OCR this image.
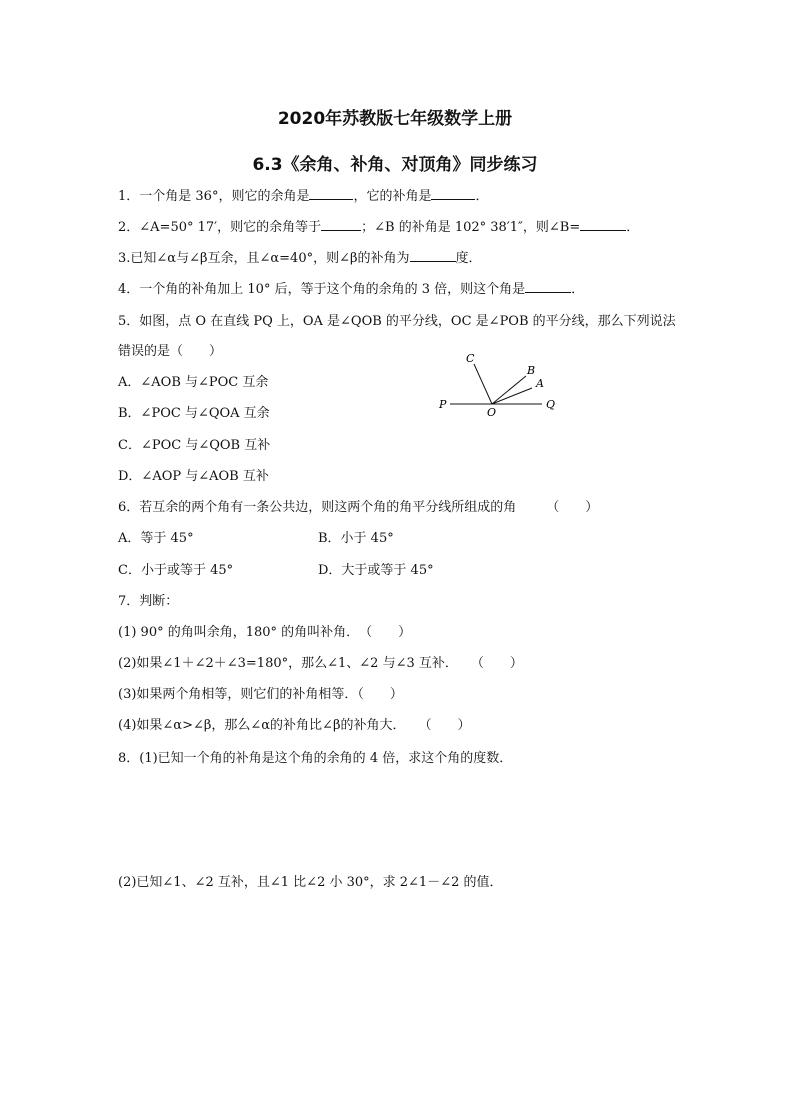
2020年苏教版七年级数学上册
6.3《余角、补角、对顶角》同步练习
1．一个角是 36°，则它的余角是	，它的补角是	．
2．∠A=50° 17′，则它的余角等于	；∠B 的补角是 102° 38′1″，则∠B=	．
3.已知∠α与∠β互余，且∠α=40°，则∠β的补角为	度．
4．一个角的补角加上 10° 后，等于这个角的余角的 3 倍，则这个角是	．
5．如图，点 O 在直线 PQ 上，OA 是∠QOB 的平分线，OC 是∠POB 的平分线，那么下列说法
错误的是（　　）
A．∠AOB 与∠POC 互余
B．∠POC 与∠QOA 互余
C．∠POC 与∠QOB 互补
D．∠AOP 与∠AOB 互补
C
B
A
P
O
Q
6．若互余的两个角有一条公共边，则这两个角的角平分线所组成的角 （　　）
A．等于 45°	B．小于 45°
C．小于或等于 45°	D．大于或等于 45°
7．判断：
(1) 90° 的角叫余角，180° 的角叫补角．　（　　）
(2)如果∠1＋∠2＋∠3=180°，那么∠1、∠2 与∠3 互补．　　（　　）
(3)如果两个角相等，则它们的补角相等．（　　）
(4)如果∠α>∠β，那么∠α的补角比∠β的补角大．　　（　　）
8．(1)已知一个角的补角是这个角的余角的 4 倍，求这个角的度数．
(2)已知∠1、∠2 互补，且∠1 比∠2 小 30°，求 2∠1－∠2 的值．
